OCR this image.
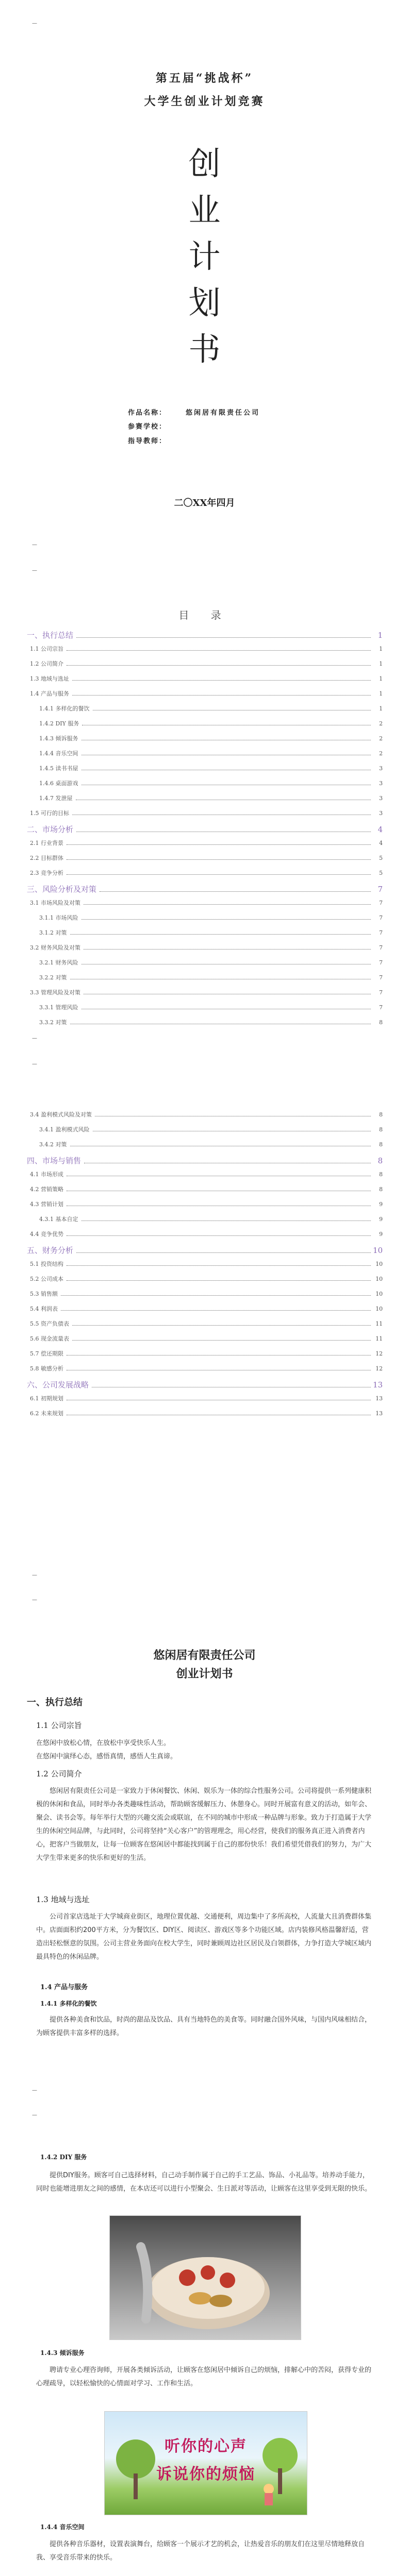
—
第五届“挑战杯”
大学生创业计划竞赛
创
业
计
划
书
作品名称：	悠闲居有限责任公司
参赛学校：
指导教师：
二〇XX年四月
—
—
目 录
一、执行总结	1
1.1 公司宗旨	1
1.2 公司简介	1
1.3 地域与选址	1
1.4 产品与服务	1
1.4.1 多样化的餐饮	1
1.4.2 DIY 服务	2
1.4.3 倾诉服务	2
1.4.4 音乐空间	2
1.4.5 读书书屋	3
1.4.6 桌面游戏	3
1.4.7 发泄屋	3
1.5 可行的目标	3
二、市场分析	4
2.1 行业背景	4
2.2 目标群体	5
2.3 竞争分析	5
三、风险分析及对策	7
3.1 市场风险及对策	7
3.1.1 市场风险	7
3.1.2 对策	7
3.2 财务风险及对策	7
3.2.1 财务风险	7
3.2.2 对策	7
3.3 管理风险及对策	7
3.3.1 管理风险	7
3.3.2 对策	8
—
—
3.4 盈利模式风险及对策	8
3.4.1 盈利模式风险	8
3.4.2 对策	8
四、市场与销售	8
4.1 市场形成	8
4.2 营销策略	8
4.3 营销计划	9
4.3.1 基本自定	9
4.4 竞争优势	9
五、财务分析	10
5.1 投资结构	10
5.2 公司成本	10
5.3 销售额	10
5.4 利润表	10
5.5 资产负债表	11
5.6 现金流量表	11
5.7 偿还期限	12
5.8 敏感分析	12
六、公司发展战略	13
6.1 初期规划	13
6.2 未来规划	13
—
—
悠闲居有限责任公司
创业计划书
一、执行总结
1.1 公司宗旨
在悠闲中放松心情，在放松中享受快乐人生。
在悠闲中演绎心态，感悟真情，感悟人生真谛。
1.2 公司简介
悠闲居有限责任公司是一家致力于休闲餐饮、休闲、娱乐为一体的综合性服务公司。公司将提供一系列健康积极的休闲和食品，同时举办各类趣味性活动，帮助顾客缓解压力、休憩身心。同时开展富有意义的活动，如年会、聚会、读书会等。每年举行大型的兴趣交流会或联谊，在不同的城市中形成一种品牌与形象。致力于打造属于大学生的休闲空间品牌，与此同时，公司将坚持“关心客户”的管理理念，用心经营，使我们的服务真正进入消费者内心，把客户当做朋友，让每一位顾客在悠闲居中都能找到属于自己的那份快乐！我们希望凭借我们的努力，为广大大学生带来更多的快乐和更好的生活。
1.3 地域与选址
公司首家店选址于大学城商业街区，地理位置优越、交通便利，周边集中了多所高校，人流量大且消费群体集中。店面面积约200平方米，分为餐饮区、DIY区、阅读区、游戏区等多个功能区域。店内装修风格温馨舒适，营造出轻松惬意的氛围。公司主营业务面向在校大学生，同时兼顾周边社区居民及白领群体，力争打造大学城区域内最具特色的休闲品牌。
1.4 产品与服务
1.4.1 多样化的餐饮
提供各种美食和饮品，时尚的甜品及饮品、具有当地特色的美食等。同时融合国外风味，与国内风味相结合，为顾客提供丰富多样的选择。
—
—
1.4.2 DIY 服务
提供DIY服务。顾客可自己选择材料，自己动手制作属于自己的手工艺品、饰品、小礼品等。培养动手能力，同时也能增进朋友之间的感情，在本店还可以进行小型聚会、生日派对等活动，让顾客在这里享受到无限的快乐。
1.4.3 倾诉服务
聘请专业心理咨询师，开展各类倾诉活动，让顾客在悠闲居中倾诉自己的烦恼，排解心中的苦闷，获得专业的心理疏导，以轻松愉快的心情面对学习、工作和生活。
听你的心声
诉说你的烦恼
1.4.4 音乐空间
提供各种音乐器材，设置表演舞台，给顾客一个展示才艺的机会，让热爱音乐的朋友们在这里尽情地释放自我、享受音乐带来的快乐。
